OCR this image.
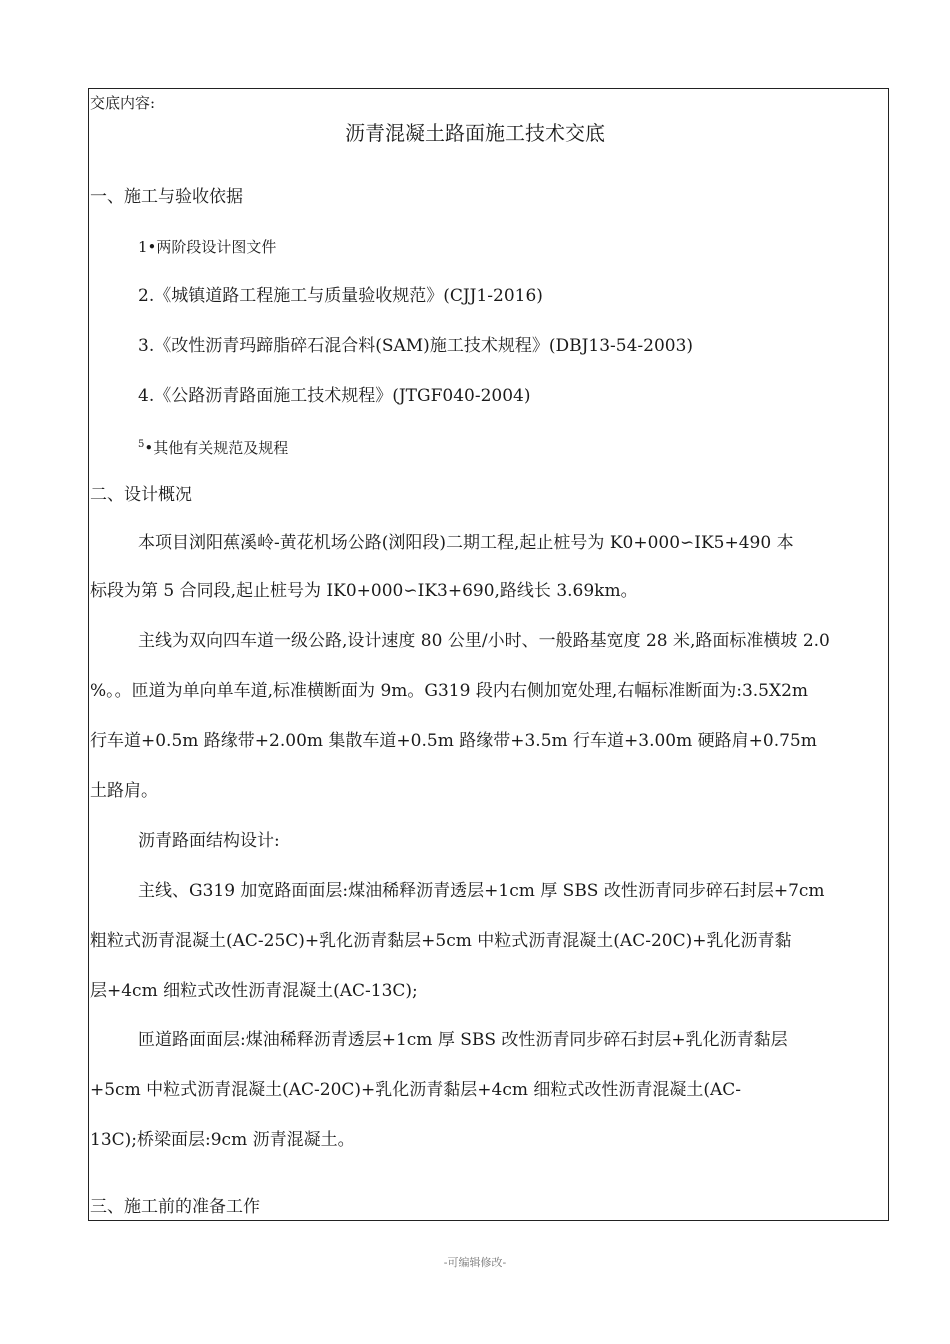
交底内容:
沥青混凝土路面施工技术交底
一、施工与验收依据
1•两阶段设计图文件
2.《城镇道路工程施工与质量验收规范》(CJJ1-2016)
3.《改性沥青玛蹄脂碎石混合料(SAM)施工技术规程》(DBJ13-54-2003)
4.《公路沥青路面施工技术规程》(JTGF040-2004)
$^5$•其他有关规范及规程
二、设计概况
本项目浏阳蕉溪岭-黄花机场公路(浏阳段)二期工程,起止桩号为 K0+000∽IK5+490 本
标段为第 5 合同段,起止桩号为 IK0+000∽IK3+690,路线长 3.69km。
主线为双向四车道一级公路,设计速度 80 公里/小时、一般路基宽度 28 米,路面标准横坡 2.0
%。。匝道为单向单车道,标准横断面为 9m。G319 段内右侧加宽处理,右幅标准断面为:3.5X2m
行车道+0.5m 路缘带+2.00m 集散车道+0.5m 路缘带+3.5m 行车道+3.00m 硬路肩+0.75m
土路肩。
沥青路面结构设计:
主线、G319 加宽路面面层:煤油稀释沥青透层+1cm 厚 SBS 改性沥青同步碎石封层+7cm
粗粒式沥青混凝土(AC-25C)+乳化沥青黏层+5cm 中粒式沥青混凝土(AC-20C)+乳化沥青黏
层+4cm 细粒式改性沥青混凝土(AC-13C);
匝道路面面层:煤油稀释沥青透层+1cm 厚 SBS 改性沥青同步碎石封层+乳化沥青黏层
+5cm 中粒式沥青混凝土(AC-20C)+乳化沥青黏层+4cm 细粒式改性沥青混凝土(AC-
13C);桥梁面层:9cm 沥青混凝土。
三、施工前的准备工作
-可编辑修改-
